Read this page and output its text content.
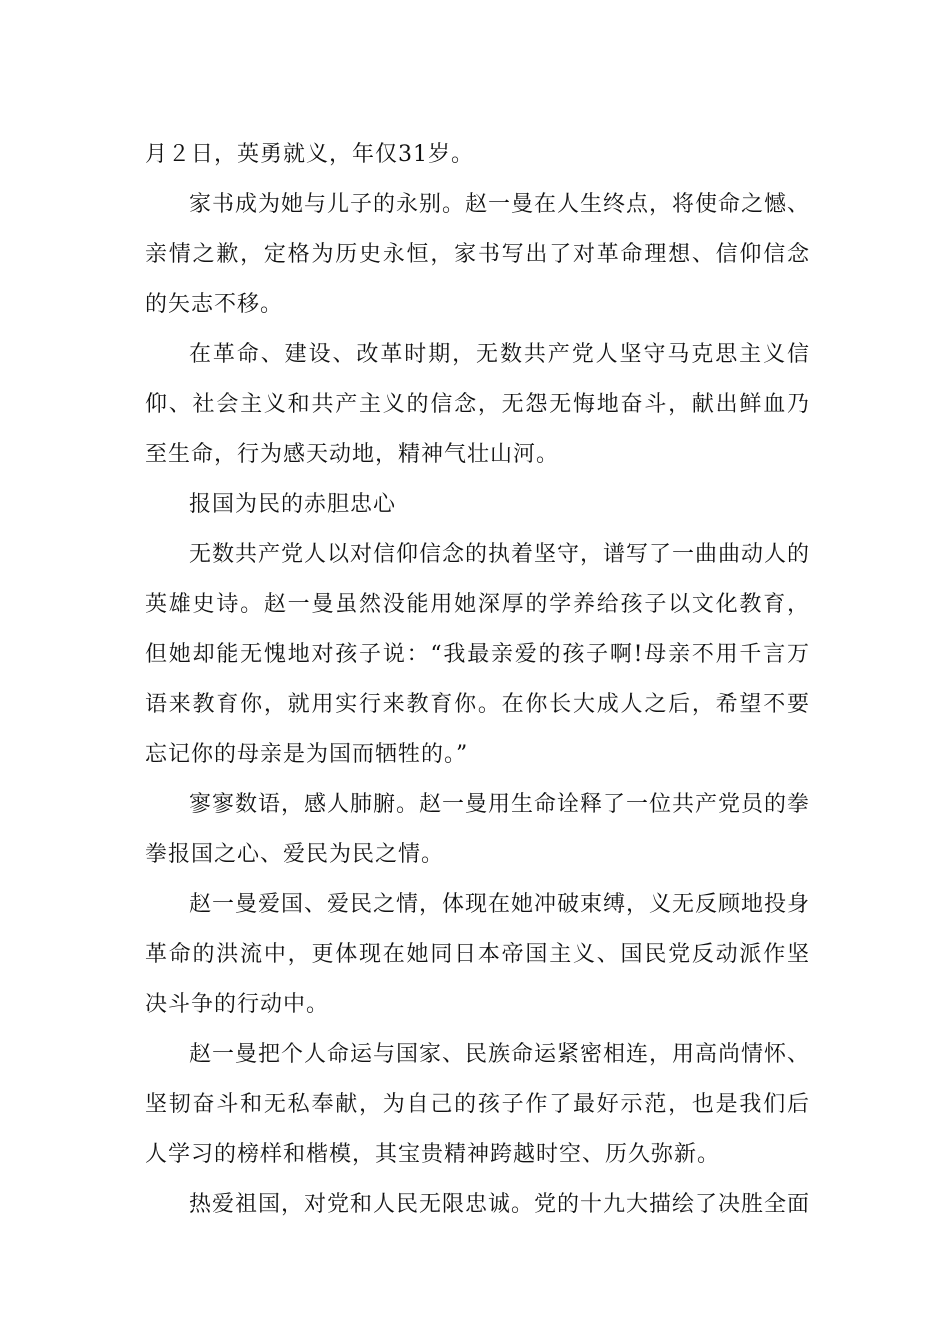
月２日，英勇就义，年仅31岁。

家书成为她与儿子的永别。赵一曼在人生终点，将使命之憾、亲情之歉，定格为历史永恒，家书写出了对革命理想、信仰信念的矢志不移。

在革命、建设、改革时期，无数共产党人坚守马克思主义信仰、社会主义和共产主义的信念，无怨无悔地奋斗，献出鲜血乃至生命，行为感天动地，精神气壮山河。

报国为民的赤胆忠心

无数共产党人以对信仰信念的执着坚守，谱写了一曲曲动人的英雄史诗。赵一曼虽然没能用她深厚的学养给孩子以文化教育，但她却能无愧地对孩子说：“我最亲爱的孩子啊!母亲不用千言万语来教育你，就用实行来教育你。在你长大成人之后，希望不要忘记你的母亲是为国而牺牲的。”

寥寥数语，感人肺腑。赵一曼用生命诠释了一位共产党员的拳拳报国之心、爱民为民之情。

赵一曼爱国、爱民之情，体现在她冲破束缚，义无反顾地投身革命的洪流中，更体现在她同日本帝国主义、国民党反动派作坚决斗争的行动中。

赵一曼把个人命运与国家、民族命运紧密相连，用高尚情怀、坚韧奋斗和无私奉献，为自己的孩子作了最好示范，也是我们后人学习的榜样和楷模，其宝贵精神跨越时空、历久弥新。

热爱祖国，对党和人民无限忠诚。党的十九大描绘了决胜全面
